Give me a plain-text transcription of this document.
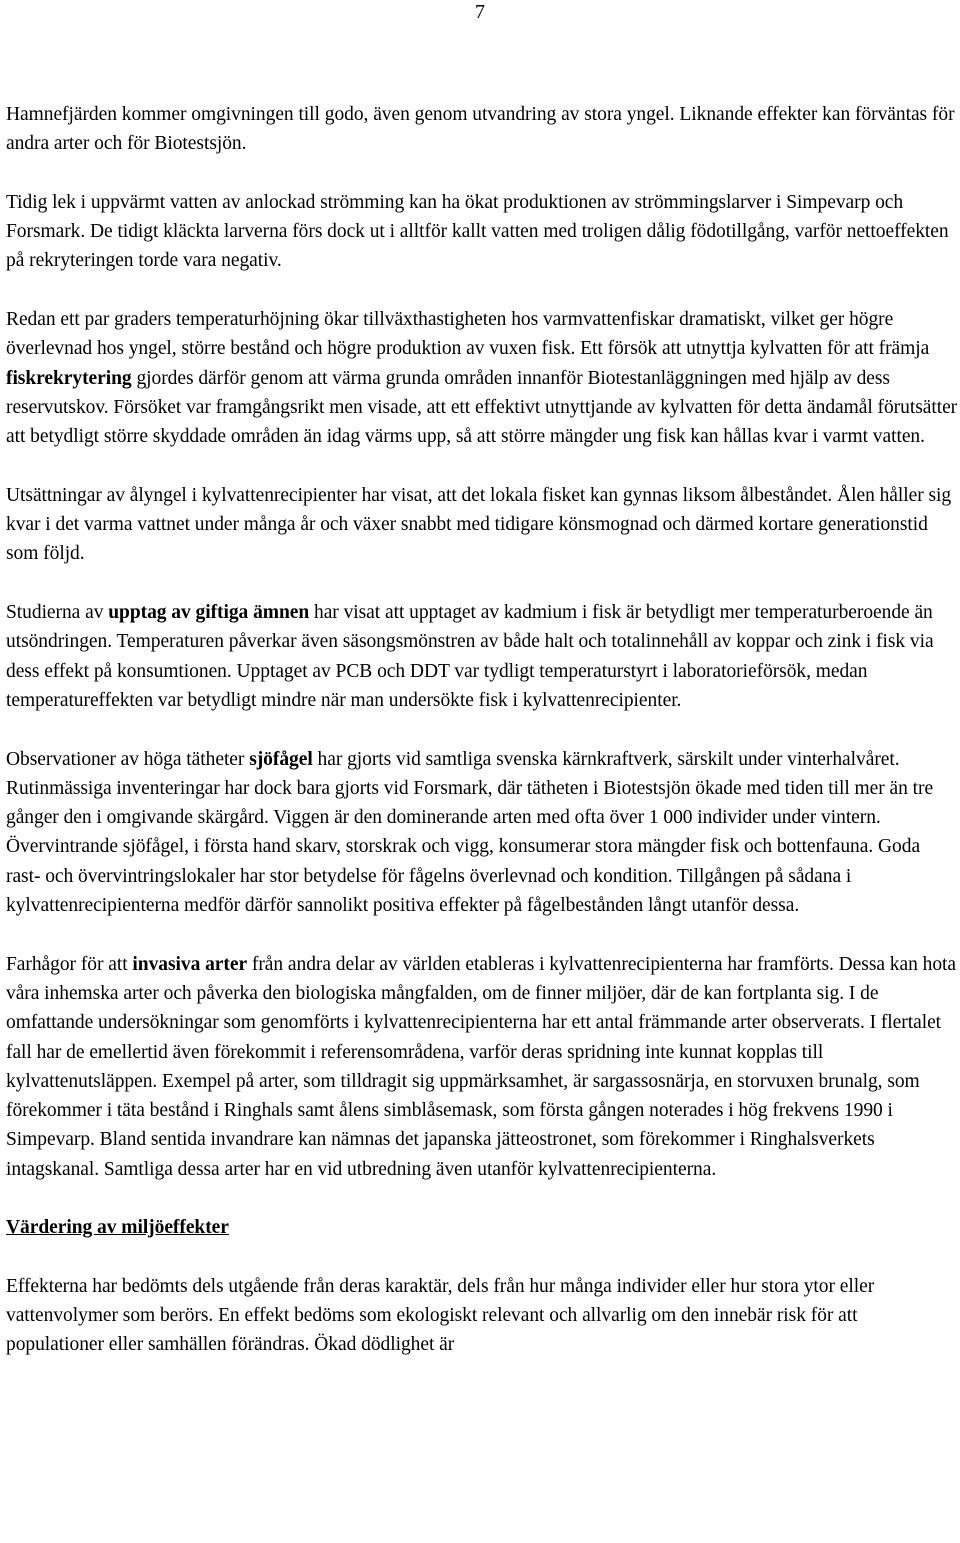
7

Hamnefjärden kommer omgivningen till godo, även genom utvandring av stora yngel. Liknande effekter kan förväntas för andra arter och för Biotestsjön.

Tidig lek i uppvärmt vatten av anlockad strömming kan ha ökat produktionen av strömmingslarver i Simpevarp och Forsmark. De tidigt kläckta larverna förs dock ut i alltför kallt vatten med troligen dålig födotillgång, varför nettoeffekten på rekryteringen torde vara negativ.

Redan ett par graders temperaturhöjning ökar tillväxthastigheten hos varmvattenfiskar dramatiskt, vilket ger högre överlevnad hos yngel, större bestånd och högre produktion av vuxen fisk. Ett försök att utnyttja kylvatten för att främja fiskrekrytering gjordes därför genom att värma grunda områden innanför Biotestanläggningen med hjälp av dess reservutskov. Försöket var framgångsrikt men visade, att ett effektivt utnyttjande av kylvatten för detta ändamål förutsätter att betydligt större skyddade områden än idag värms upp, så att större mängder ung fisk kan hållas kvar i varmt vatten.

Utsättningar av ålyngel i kylvattenrecipienter har visat, att det lokala fisket kan gynnas liksom ålbeståndet. Ålen håller sig kvar i det varma vattnet under många år och växer snabbt med tidigare könsmognad och därmed kortare generationstid som följd.

Studierna av upptag av giftiga ämnen har visat att upptaget av kadmium i fisk är betydligt mer temperaturberoende än utsöndringen. Temperaturen påverkar även säsongsmönstren av både halt och totalinnehåll av koppar och zink i fisk via dess effekt på konsumtionen. Upptaget av PCB och DDT var tydligt temperaturstyrt i laboratorieförsök, medan temperatureffekten var betydligt mindre när man undersökte fisk i kylvattenrecipienter.

Observationer av höga tätheter sjöfågel har gjorts vid samtliga svenska kärnkraftverk, särskilt under vinterhalvåret. Rutinmässiga inventeringar har dock bara gjorts vid Forsmark, där tätheten i Biotestsjön ökade med tiden till mer än tre gånger den i omgivande skärgård. Viggen är den dominerande arten med ofta över 1 000 individer under vintern. Övervintrande sjöfågel, i första hand skarv, storskrak och vigg, konsumerar stora mängder fisk och bottenfauna. Goda rast- och övervintringslokaler har stor betydelse för fågelns överlevnad och kondition. Tillgången på sådana i kylvattenrecipienterna medför därför sannolikt positiva effekter på fågelbestånden långt utanför dessa.

Farhågor för att invasiva arter från andra delar av världen etableras i kylvattenrecipienterna har framförts. Dessa kan hota våra inhemska arter och påverka den biologiska mångfalden, om de finner miljöer, där de kan fortplanta sig. I de omfattande undersökningar som genomförts i kylvattenrecipienterna har ett antal främmande arter observerats. I flertalet fall har de emellertid även förekommit i referensområdena, varför deras spridning inte kunnat kopplas till kylvattenutsläppen. Exempel på arter, som tilldragit sig uppmärksamhet, är sargassosnärja, en storvuxen brunalg, som förekommer i täta bestånd i Ringhals samt ålens simblåsemask, som första gången noterades i hög frekvens 1990 i Simpevarp. Bland sentida invandrare kan nämnas det japanska jätteostronet, som förekommer i Ringhalsverkets intagskanal. Samtliga dessa arter har en vid utbredning även utanför kylvattenrecipienterna.

Värdering av miljöeffekter

Effekterna har bedömts dels utgående från deras karaktär, dels från hur många individer eller hur stora ytor eller vattenvolymer som berörs. En effekt bedöms som ekologiskt relevant och allvarlig om den innebär risk för att populationer eller samhällen förändras. Ökad dödlighet är
